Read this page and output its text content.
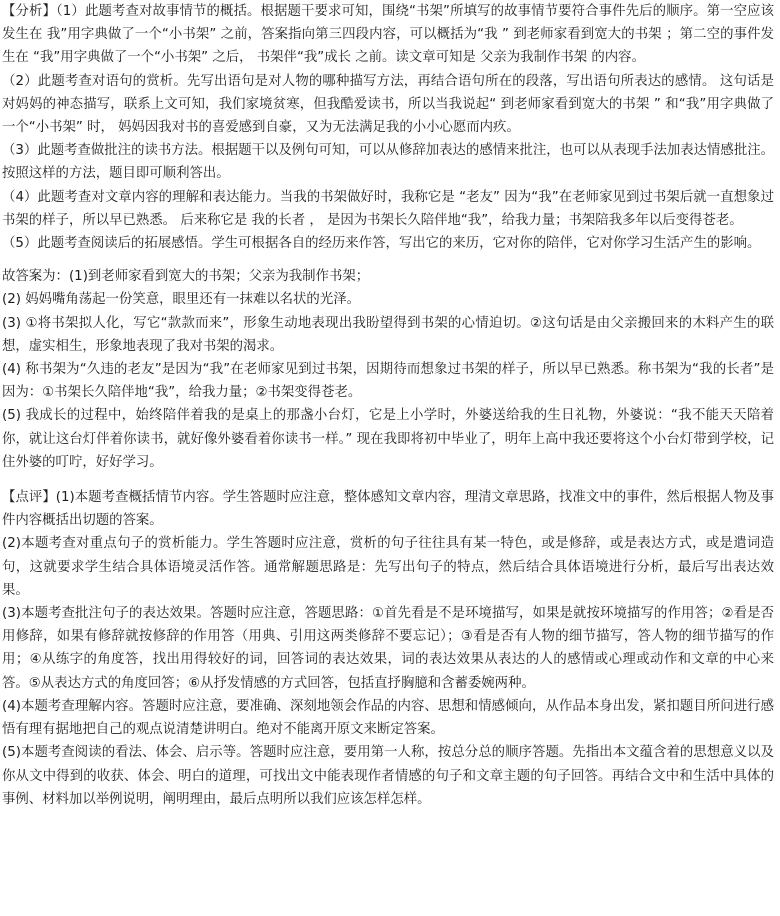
【分析】（1）此题考查对故事情节的概括。根据题干要求可知，围绕“书架”所填写的故事情节要符合事件先后的顺序。第一空应该发生在 我”用字典做了一个“小书架” 之前，答案指向第三四段内容，可以概括为“我 ” 到老师家看到宽大的书架 ；第二空的事件发生在 “我”用字典做了一个“小书架” 之后， 书架伴“我”成长 之前。读文章可知是 父亲为我制作书架 的内容。

（2）此题考查对语句的赏析。先写出语句是对人物的哪种描写方法，再结合语句所在的段落，写出语句所表达的感情。 这句话是对妈妈的神态描写，联系上文可知，我们家境贫寒，但我酷爱读书，所以当我说起“ 到老师家看到宽大的书架 ” 和“我”用字典做了一个“小书架” 时， 妈妈因我对书的喜爱感到自豪，又为无法满足我的小小心愿而内疚。

（3）此题考查做批注的读书方法。根据题干以及例句可知，可以从修辞加表达的感情来批注，也可以从表现手法加表达情感批注。按照这样的方法，题目即可顺利答出。

（4）此题考查对文章内容的理解和表达能力。当我的书架做好时，我称它是 “老友” 因为“我”在老师家见到过书架后就一直想象过书架的样子，所以早已熟悉。 后来称它是 我的长者 ， 是因为书架长久陪伴地“我”，给我力量；书架陪我多年以后变得苍老。

（5）此题考查阅读后的拓展感悟。学生可根据各自的经历来作答，写出它的来历，它对你的陪伴，它对你学习生活产生的影响。

故答案为：(1)到老师家看到宽大的书架；父亲为我制作书架；

(2) 妈妈嘴角荡起一份笑意，眼里还有一抹难以名状的光泽。

(3) ①将书架拟人化，写它“款款而来”，形象生动地表现出我盼望得到书架的心情迫切。②这句话是由父亲搬回来的木料产生的联想，虚实相生，形象地表现了我对书架的渴求。

(4) 称书架为“久违的老友”是因为“我”在老师家见到过书架，因期待而想象过书架的样子，所以早已熟悉。称书架为“我的长者”是因为：①书架长久陪伴地“我”，给我力量；②书架变得苍老。

(5) 我成长的过程中，始终陪伴着我的是桌上的那盏小台灯，它是上小学时，外婆送给我的生日礼物，外婆说：“我不能天天陪着你，就让这台灯伴着你读书，就好像外婆看着你读书一样。” 现在我即将初中毕业了，明年上高中我还要将这个小台灯带到学校，记住外婆的叮咛，好好学习。

【点评】(1)本题考查概括情节内容。学生答题时应注意，整体感知文章内容，理清文章思路，找准文中的事件，然后根据人物及事件内容概括出切题的答案。

(2)本题考查对重点句子的赏析能力。学生答题时应注意，赏析的句子往往具有某一特色，或是修辞，或是表达方式，或是遣词造句，这就要求学生结合具体语境灵活作答。通常解题思路是：先写出句子的特点，然后结合具体语境进行分析，最后写出表达效果。

(3)本题考查批注句子的表达效果。答题时应注意，答题思路：①首先看是不是环境描写，如果是就按环境描写的作用答；②看是否用修辞，如果有修辞就按修辞的作用答（用典、引用这两类修辞不要忘记）；③看是否有人物的细节描写，答人物的细节描写的作用；④从练字的角度答，找出用得较好的词，回答词的表达效果，词的表达效果从表达的人的感情或心理或动作和文章的中心来答。⑤从表达方式的角度回答；⑥从抒发情感的方式回答，包括直抒胸臆和含蓄委婉两种。

(4)本题考查理解内容。答题时应注意，要准确、深刻地领会作品的内容、思想和情感倾向，从作品本身出发，紧扣题目所问进行感悟有理有据地把自己的观点说清楚讲明白。绝对不能离开原文来断定答案。

(5)本题考查阅读的看法、体会、启示等。答题时应注意，要用第一人称，按总分总的顺序答题。先指出本文蕴含着的思想意义以及你从文中得到的收获、体会、明白的道理，可找出文中能表现作者情感的句子和文章主题的句子回答。再结合文中和生活中具体的事例、材料加以举例说明，阐明理由，最后点明所以我们应该怎样怎样。
